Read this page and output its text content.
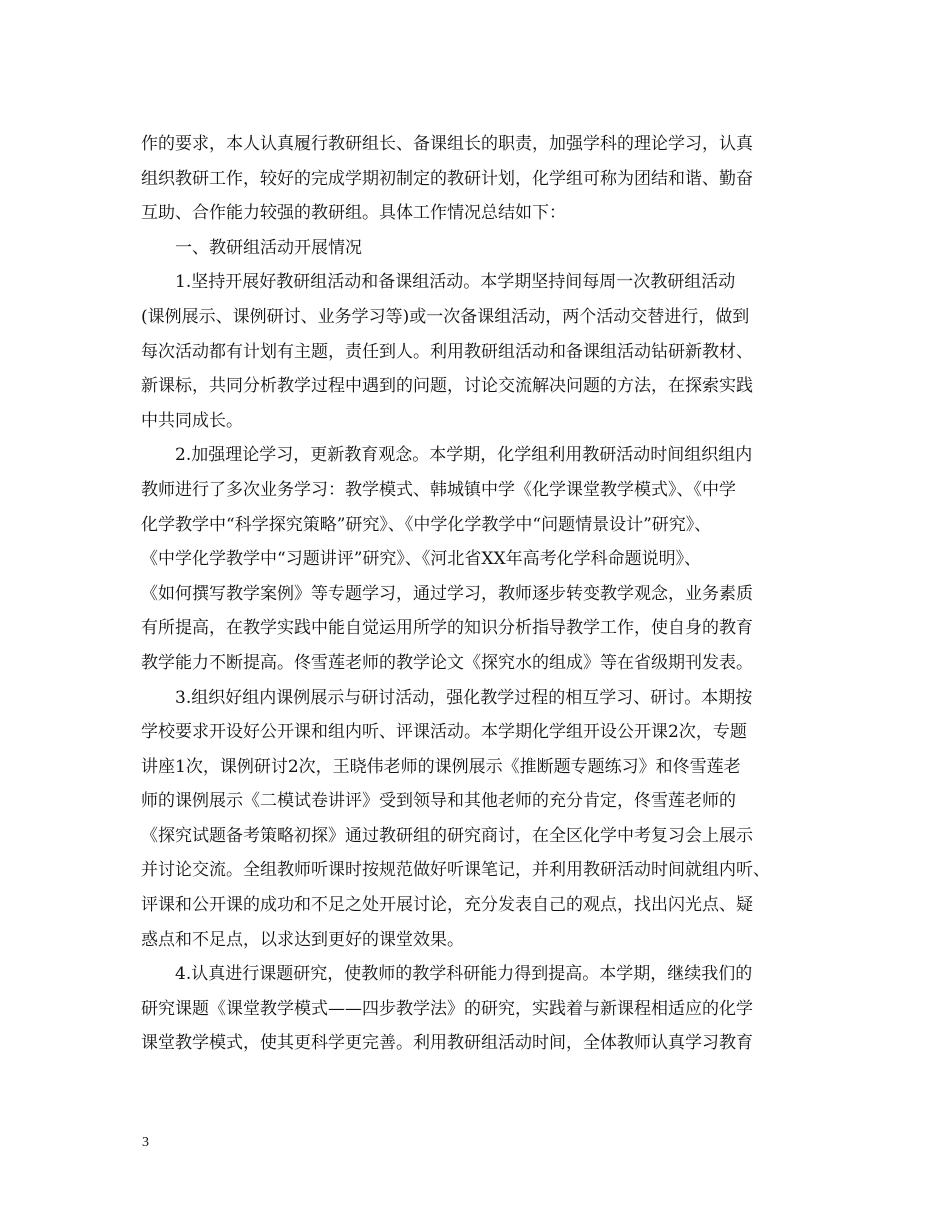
作的要求，本人认真履行教研组长、备课组长的职责，加强学科的理论学习，认真
组织教研工作，较好的完成学期初制定的教研计划，化学组可称为团结和谐、勤奋
互助、合作能力较强的教研组。具体工作情况总结如下：
一、教研组活动开展情况
1.坚持开展好教研组活动和备课组活动。本学期坚持间每周一次教研组活动
(课例展示、课例研讨、业务学习等)或一次备课组活动，两个活动交替进行，做到
每次活动都有计划有主题，责任到人。利用教研组活动和备课组活动钻研新教材、
新课标，共同分析教学过程中遇到的问题，讨论交流解决问题的方法，在探索实践
中共同成长。
2.加强理论学习，更新教育观念。本学期，化学组利用教研活动时间组织组内
教师进行了多次业务学习：教学模式、韩城镇中学《化学课堂教学模式》、《中学
化学教学中“科学探究策略”研究》、《中学化学教学中“问题情景设计”研究》、
《中学化学教学中“习题讲评”研究》、《河北省XX年高考化学科命题说明》、
《如何撰写教学案例》等专题学习，通过学习，教师逐步转变教学观念，业务素质
有所提高，在教学实践中能自觉运用所学的知识分析指导教学工作，使自身的教育
教学能力不断提高。佟雪莲老师的教学论文《探究水的组成》等在省级期刊发表。
3.组织好组内课例展示与研讨活动，强化教学过程的相互学习、研讨。本期按
学校要求开设好公开课和组内听、评课活动。本学期化学组开设公开课2次，专题
讲座1次，课例研讨2次，王晓伟老师的课例展示《推断题专题练习》和佟雪莲老
师的课例展示《二模试卷讲评》受到领导和其他老师的充分肯定，佟雪莲老师的
《探究试题备考策略初探》通过教研组的研究商讨，在全区化学中考复习会上展示
并讨论交流。全组教师听课时按规范做好听课笔记，并利用教研活动时间就组内听、
评课和公开课的成功和不足之处开展讨论，充分发表自己的观点，找出闪光点、疑
惑点和不足点，以求达到更好的课堂效果。
4.认真进行课题研究，使教师的教学科研能力得到提高。本学期，继续我们的
研究课题《课堂教学模式——四步教学法》的研究，实践着与新课程相适应的化学
课堂教学模式，使其更科学更完善。利用教研组活动时间，全体教师认真学习教育
3
